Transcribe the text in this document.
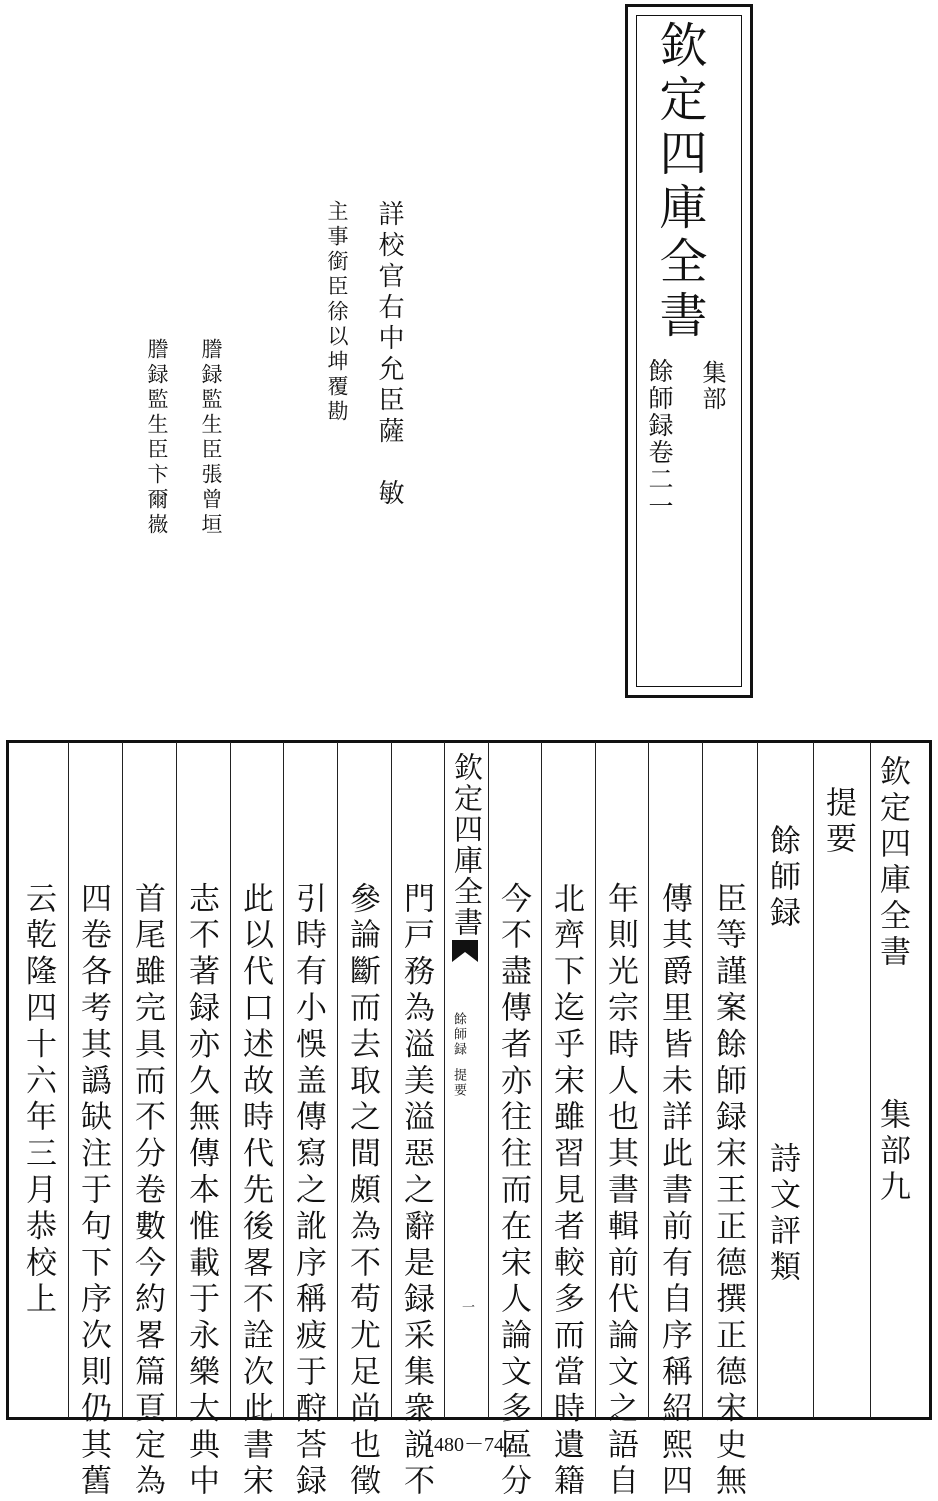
欽定四庫全書
集部
餘師録卷二一
詳校官右中允臣薩　敏
主事銜臣徐以坤覆勘
謄録監生臣張曾垣
謄録監生臣卞爾嶶
欽定四庫全書
集部九
提要
餘師録
詩文評類
臣等謹案餘師録宋王正德撰正德宋史無
傳其爵里皆未詳此書前有自序稱紹熙四
年則光宗時人也其書輯前代論文之語自
北齊下迄乎宋雖習見者較多而當時遺籍
今不盡傳者亦往往而在宋人論文多區分
欽定四庫全書
餘師録
提要
一
門戸務為溢美溢惡之辭是録采集衆説不
參論斷而去取之間頗為不苟尤足尚也徵
引時有小悞盖傳寫之訛序稱疲于酧荅録
此以代口述故時代先後畧不詮次此書宋
志不著録亦久無傳本惟載于永樂大典中
首尾雖完具而不分卷數今約畧篇頁定為
四卷各考其譌缺注于句下序次則仍其舊
云乾隆四十六年三月恭校上
1480－747
